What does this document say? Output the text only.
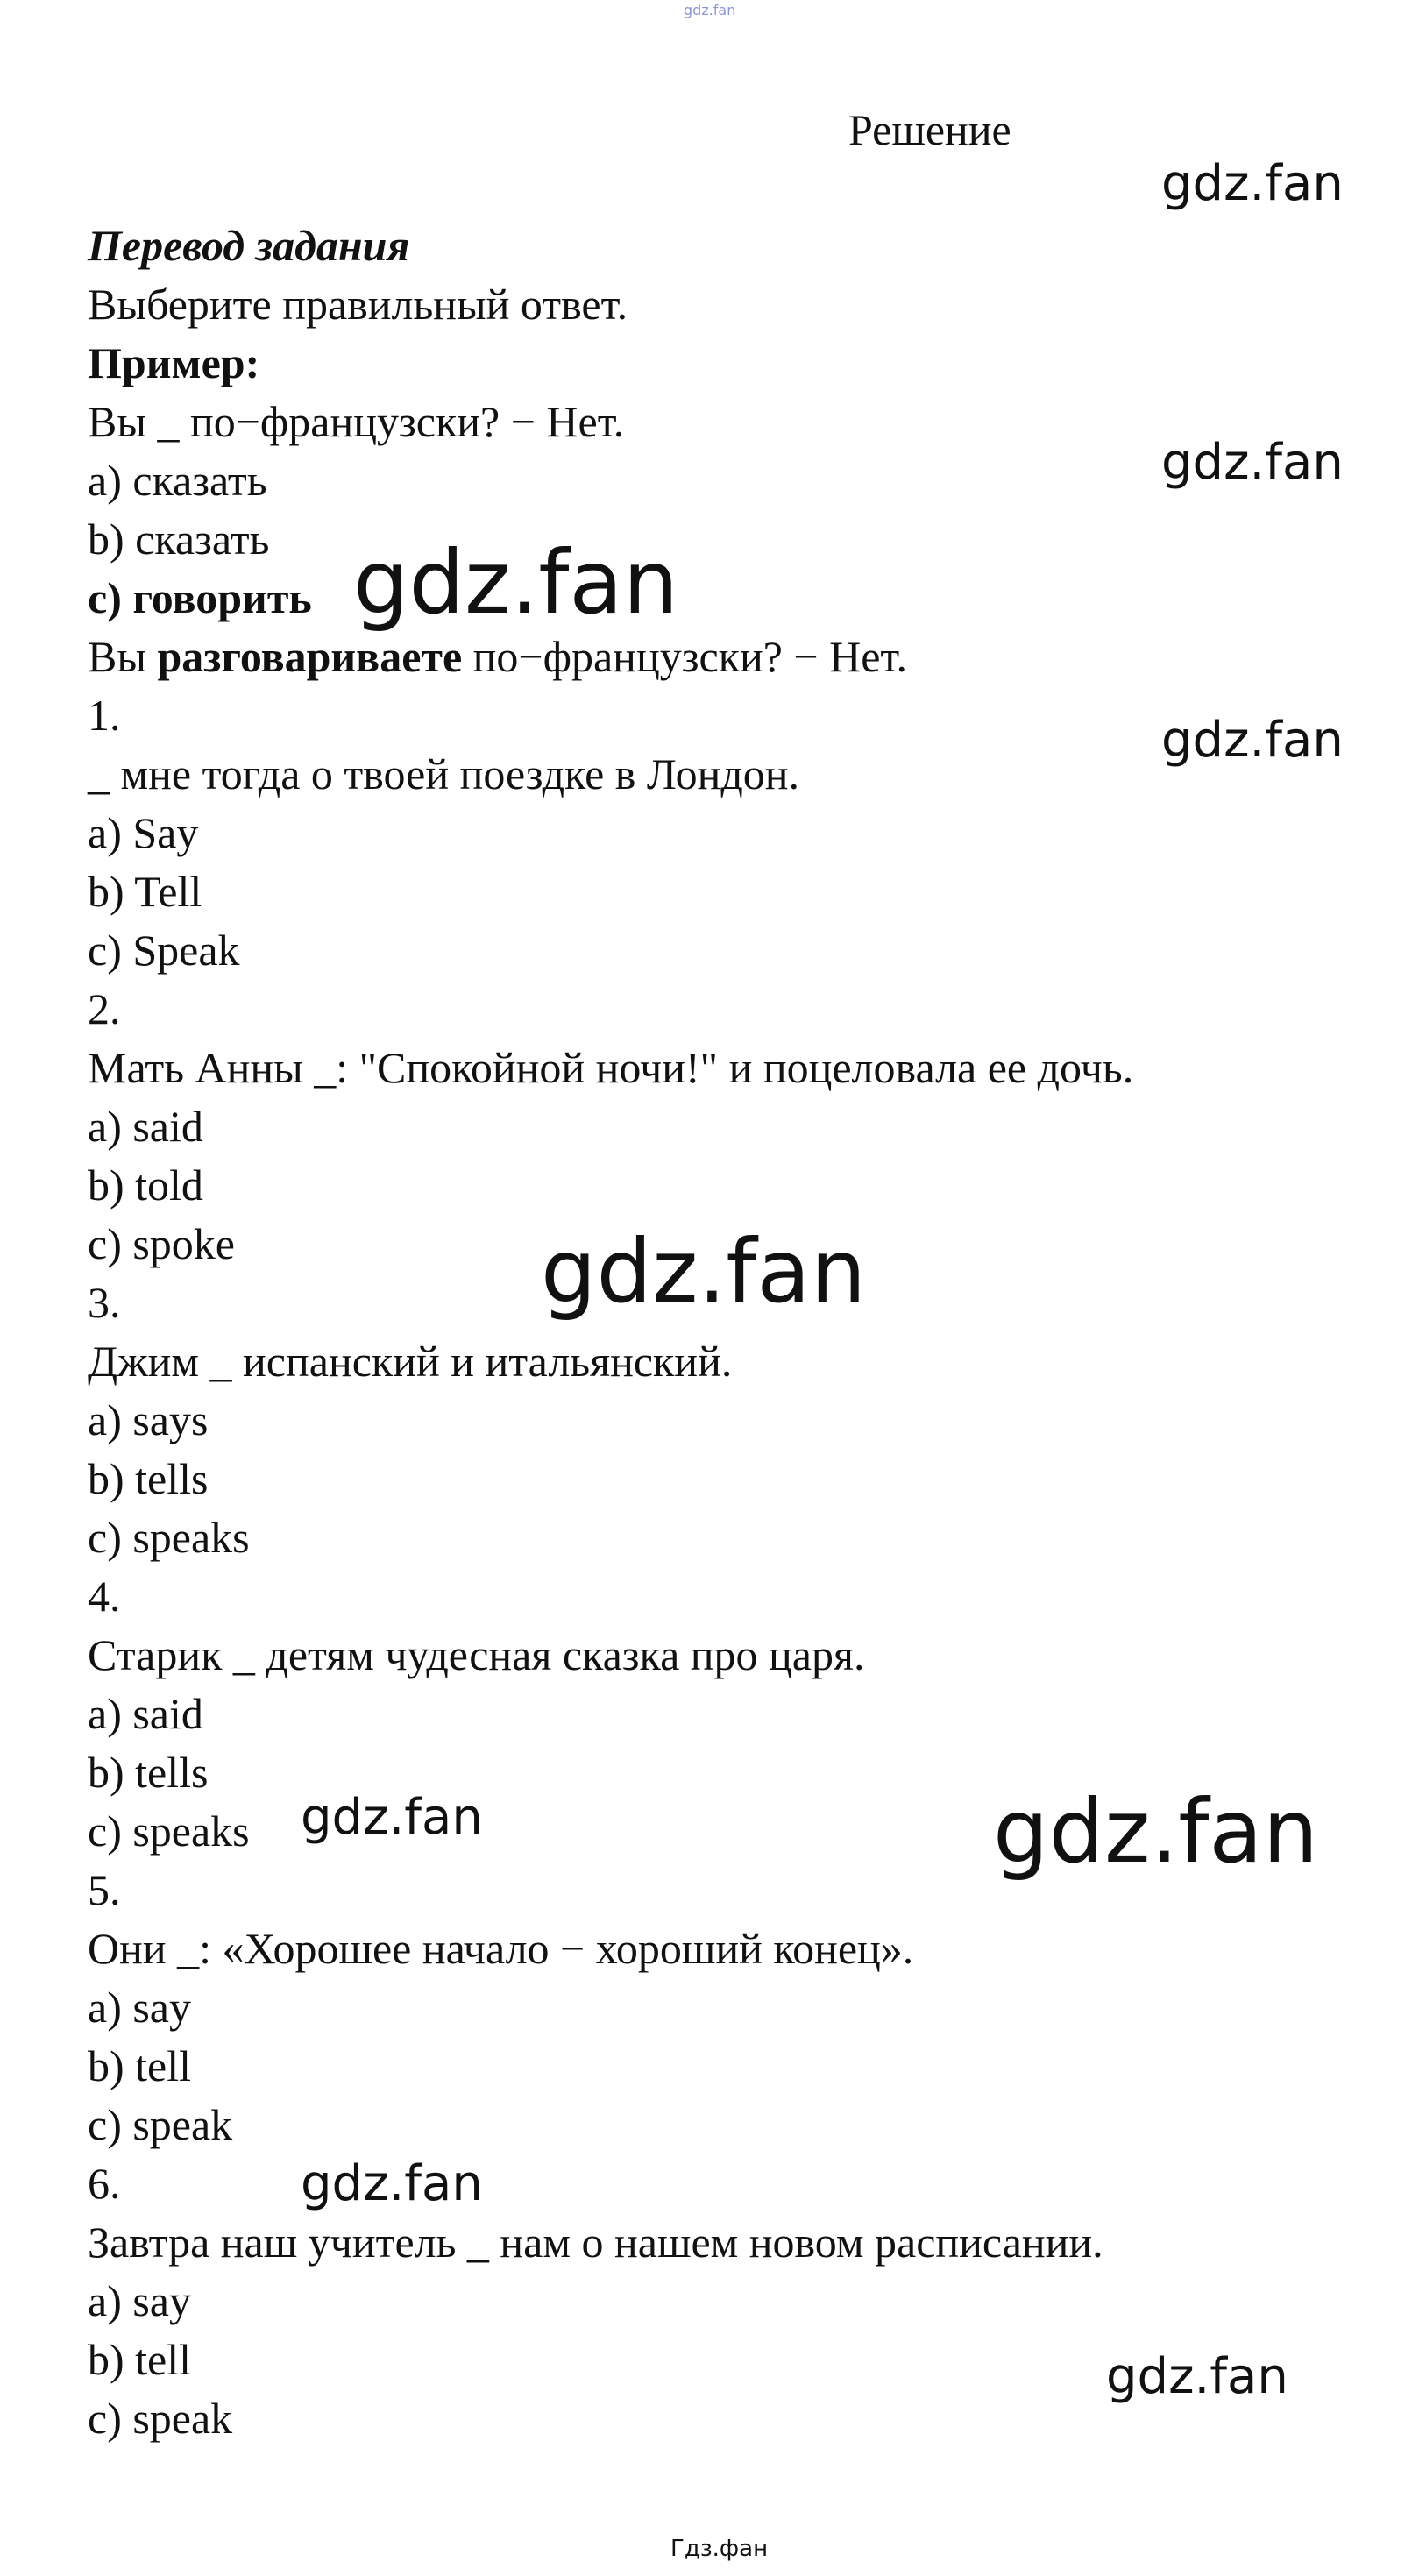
gdz.fan
Решение
Перевод задания
Выберите правильный ответ.
Пример:
Вы _ по−французски? − Нет.
a) сказать
b) сказать
c) говорить
Вы разговариваете по−французски? − Нет.
1.
_ мне тогда о твоей поездке в Лондон.
a) Say
b) Tell
c) Speak
2.
Мать Анны _: "Спокойной ночи!" и поцеловала ее дочь.
a) said
b) told
c) spoke
3.
Джим _ испанский и итальянский.
a) says
b) tells
c) speaks
4.
Старик _ детям чудесная сказка про царя.
a) said
b) tells
c) speaks
5.
Они _: «Хорошее начало − хороший конец».
a) say
b) tell
c) speak
6.
Завтра наш учитель _ нам о нашем новом расписании.
a) say
b) tell
c) speak
gdz.fan
gdz.fan
gdz.fan
gdz.fan
gdz.fan
gdz.fan	gdz.fan
gdz.fan
gdz.fan
Гдз.фан
